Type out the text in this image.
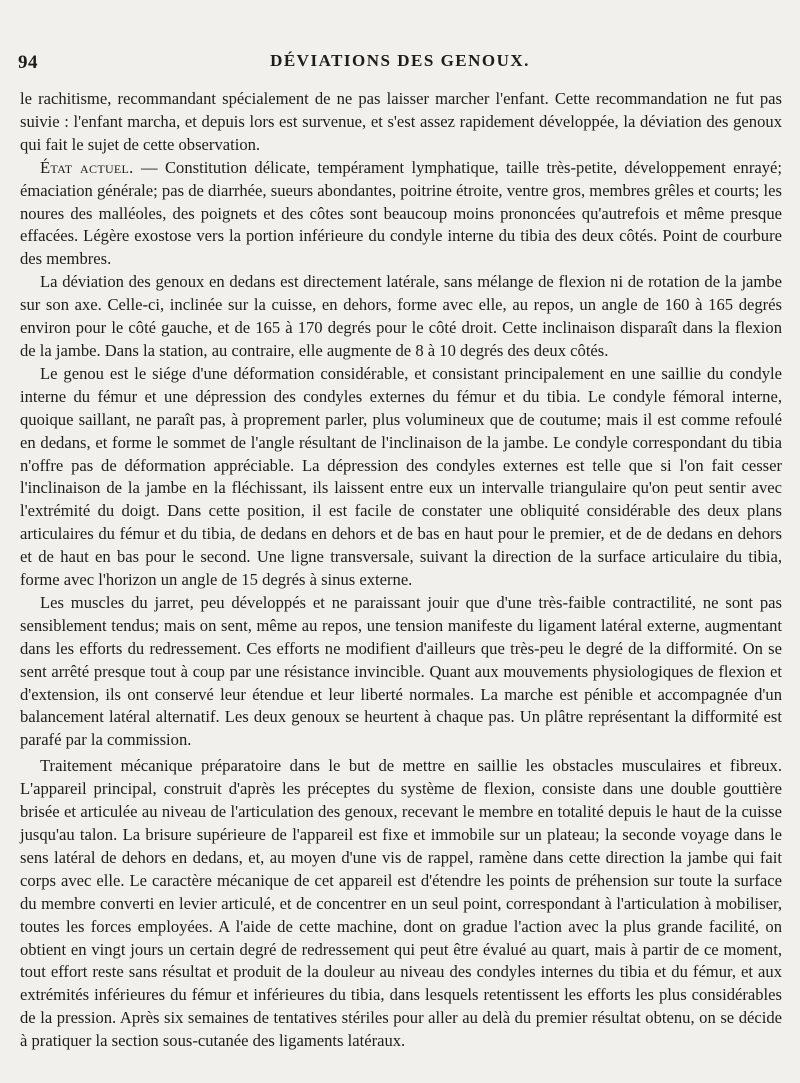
94	DÉVIATIONS DES GENOUX.

le rachitisme, recommandant spécialement de ne pas laisser marcher l'enfant. Cette recommandation ne fut pas suivie : l'enfant marcha, et depuis lors est survenue, et s'est assez rapidement développée, la déviation des genoux qui fait le sujet de cette observation.

État actuel. — Constitution délicate, tempérament lymphatique, taille très-petite, développement enrayé; émaciation générale; pas de diarrhée, sueurs abondantes, poitrine étroite, ventre gros, membres grêles et courts; les noures des malléoles, des poignets et des côtes sont beaucoup moins prononcées qu'autrefois et même presque effacées. Légère exostose vers la portion inférieure du condyle interne du tibia des deux côtés. Point de courbure des membres.

La déviation des genoux en dedans est directement latérale, sans mélange de flexion ni de rotation de la jambe sur son axe. Celle-ci, inclinée sur la cuisse, en dehors, forme avec elle, au repos, un angle de 160 à 165 degrés environ pour le côté gauche, et de 165 à 170 degrés pour le côté droit. Cette inclinaison disparaît dans la flexion de la jambe. Dans la station, au contraire, elle augmente de 8 à 10 degrés des deux côtés.

Le genou est le siége d'une déformation considérable, et consistant principalement en une saillie du condyle interne du fémur et une dépression des condyles externes du fémur et du tibia. Le condyle fémoral interne, quoique saillant, ne paraît pas, à proprement parler, plus volumineux que de coutume; mais il est comme refoulé en dedans, et forme le sommet de l'angle résultant de l'inclinaison de la jambe. Le condyle correspondant du tibia n'offre pas de déformation appréciable. La dépression des condyles externes est telle que si l'on fait cesser l'inclinaison de la jambe en la fléchissant, ils laissent entre eux un intervalle triangulaire qu'on peut sentir avec l'extrémité du doigt. Dans cette position, il est facile de constater une obliquité considérable des deux plans articulaires du fémur et du tibia, de dedans en dehors et de bas en haut pour le premier, et de de dedans en dehors et de haut en bas pour le second. Une ligne transversale, suivant la direction de la surface articulaire du tibia, forme avec l'horizon un angle de 15 degrés à sinus externe.

Les muscles du jarret, peu développés et ne paraissant jouir que d'une très-faible contractilité, ne sont pas sensiblement tendus; mais on sent, même au repos, une tension manifeste du ligament latéral externe, augmentant dans les efforts du redressement. Ces efforts ne modifient d'ailleurs que très-peu le degré de la difformité. On se sent arrêté presque tout à coup par une résistance invincible. Quant aux mouvements physiologiques de flexion et d'extension, ils ont conservé leur étendue et leur liberté normales. La marche est pénible et accompagnée d'un balancement latéral alternatif. Les deux genoux se heurtent à chaque pas. Un plâtre représentant la difformité est parafé par la commission.

Traitement mécanique préparatoire dans le but de mettre en saillie les obstacles musculaires et fibreux. L'appareil principal, construit d'après les préceptes du système de flexion, consiste dans une double gouttière brisée et articulée au niveau de l'articulation des genoux, recevant le membre en totalité depuis le haut de la cuisse jusqu'au talon. La brisure supérieure de l'appareil est fixe et immobile sur un plateau; la seconde voyage dans le sens latéral de dehors en dedans, et, au moyen d'une vis de rappel, ramène dans cette direction la jambe qui fait corps avec elle. Le caractère mécanique de cet appareil est d'étendre les points de préhension sur toute la surface du membre converti en levier articulé, et de concentrer en un seul point, correspondant à l'articulation à mobiliser, toutes les forces employées. A l'aide de cette machine, dont on gradue l'action avec la plus grande facilité, on obtient en vingt jours un certain degré de redressement qui peut être évalué au quart, mais à partir de ce moment, tout effort reste sans résultat et produit de la douleur au niveau des condyles internes du tibia et du fémur, et aux extrémités inférieures du fémur et inférieures du tibia, dans lesquels retentissent les efforts les plus considérables de la pression. Après six semaines de tentatives stériles pour aller au delà du premier résultat obtenu, on se décide à pratiquer la section sous-cutanée des ligaments latéraux.
